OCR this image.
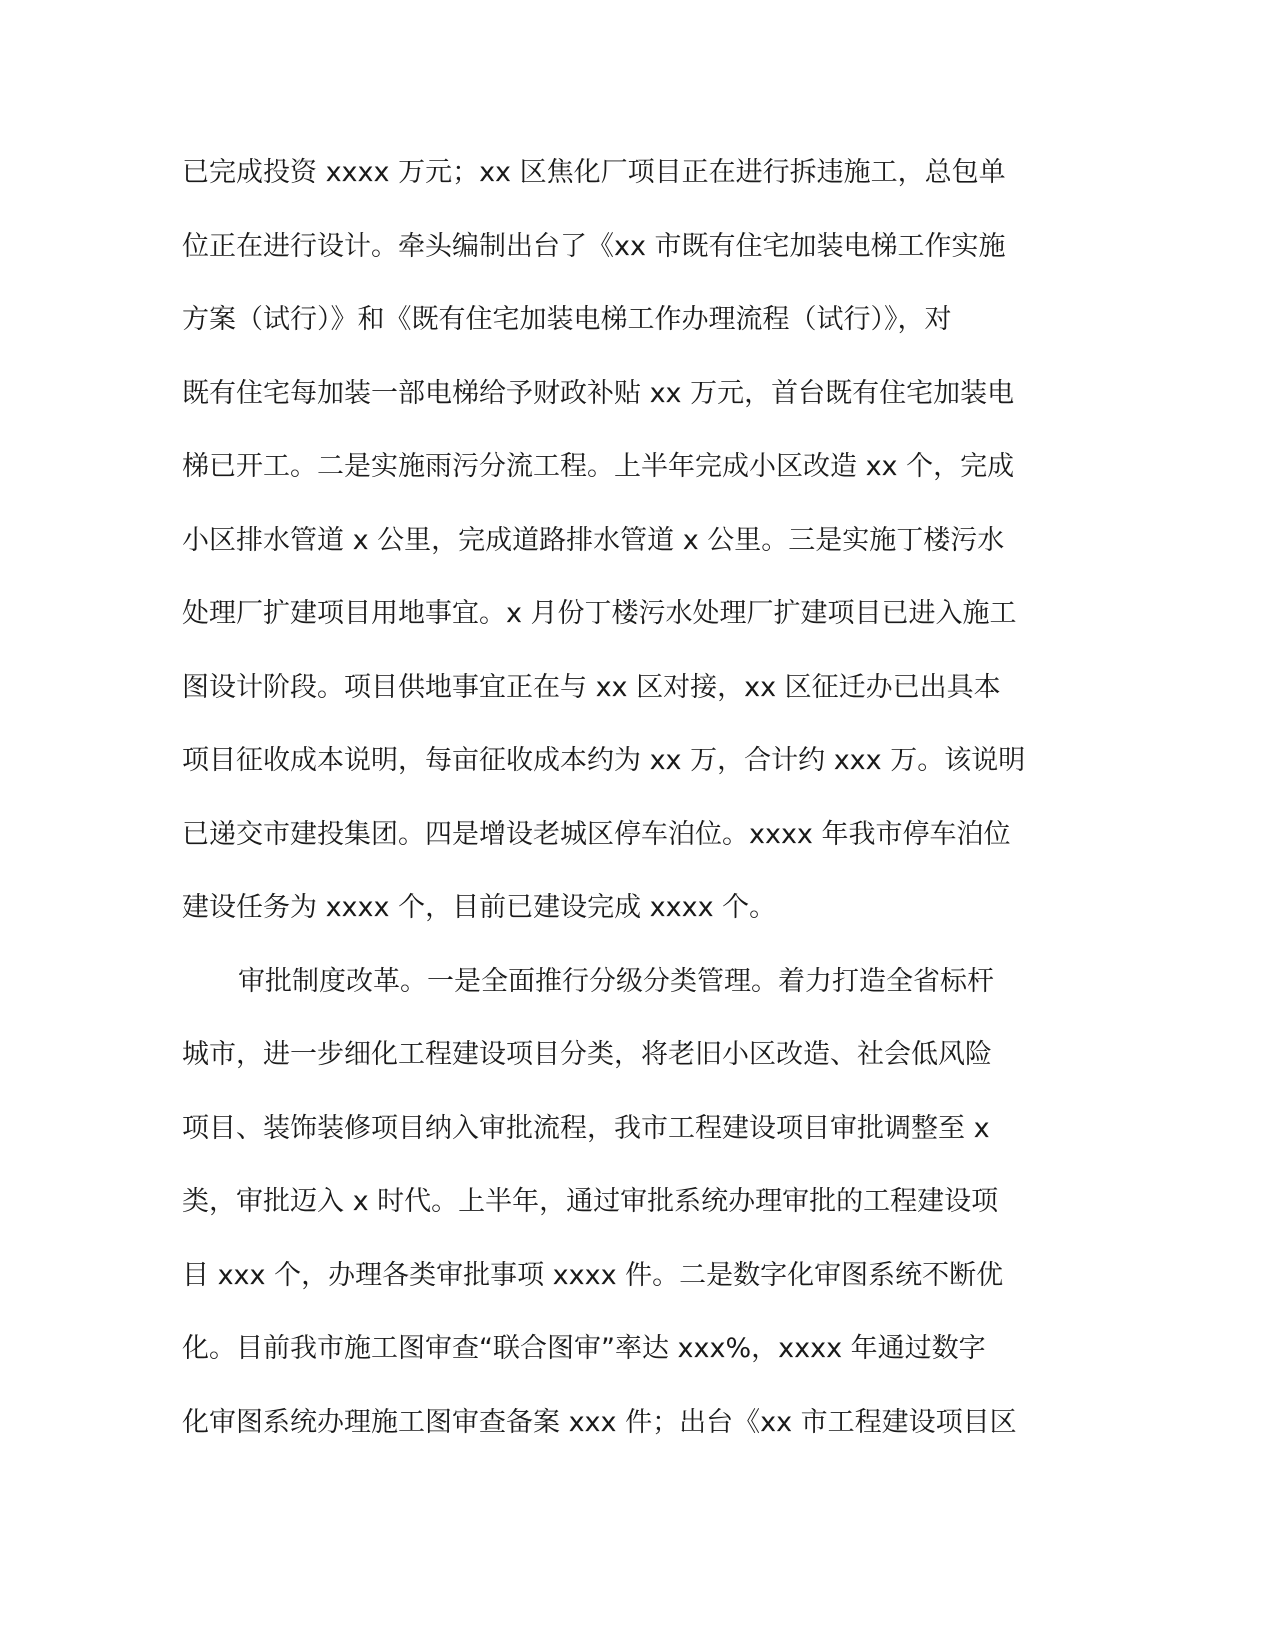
已完成投资 xxxx 万元；xx 区焦化厂项目正在进行拆违施工，总包单
位正在进行设计。牵头编制出台了《xx 市既有住宅加装电梯工作实施
方案（试行）》和《既有住宅加装电梯工作办理流程（试行）》，对
既有住宅每加装一部电梯给予财政补贴 xx 万元，首台既有住宅加装电
梯已开工。二是实施雨污分流工程。上半年完成小区改造 xx 个，完成
小区排水管道 x 公里，完成道路排水管道 x 公里。三是实施丁楼污水
处理厂扩建项目用地事宜。x 月份丁楼污水处理厂扩建项目已进入施工
图设计阶段。项目供地事宜正在与 xx 区对接，xx 区征迁办已出具本
项目征收成本说明，每亩征收成本约为 xx 万，合计约 xxx 万。该说明
已递交市建投集团。四是增设老城区停车泊位。xxxx 年我市停车泊位
建设任务为 xxxx 个，目前已建设完成 xxxx 个。
审批制度改革。一是全面推行分级分类管理。着力打造全省标杆
城市，进一步细化工程建设项目分类，将老旧小区改造、社会低风险
项目、装饰装修项目纳入审批流程，我市工程建设项目审批调整至 x
类，审批迈入 x 时代。上半年，通过审批系统办理审批的工程建设项
目 xxx 个，办理各类审批事项 xxxx 件。二是数字化审图系统不断优
化。目前我市施工图审查“联合图审”率达 xxx%，xxxx 年通过数字
化审图系统办理施工图审查备案 xxx 件；出台《xx 市工程建设项目区
